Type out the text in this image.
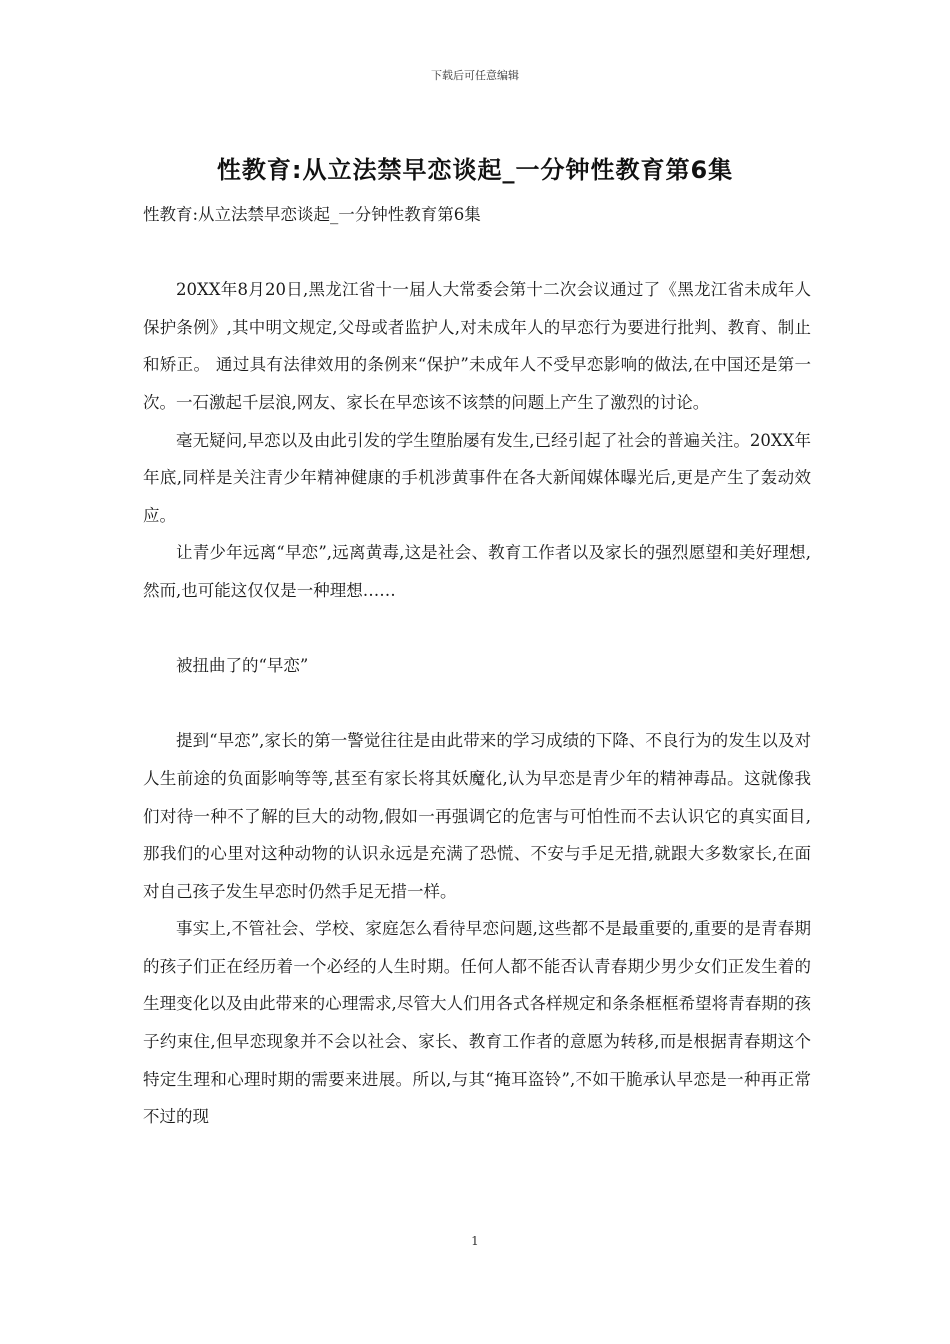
下载后可任意编辑
性教育:从立法禁早恋谈起_一分钟性教育第6集

性教育:从立法禁早恋谈起_一分钟性教育第6集

20XX年8月20日,黑龙江省十一届人大常委会第十二次会议通过了《黑龙江省未成年人保护条例》,其中明文规定,父母或者监护人,对未成年人的早恋行为要进行批判、教育、制止和矫正。 通过具有法律效用的条例来“保护”未成年人不受早恋影响的做法,在中国还是第一次。一石激起千层浪,网友、家长在早恋该不该禁的问题上产生了激烈的讨论。

毫无疑问,早恋以及由此引发的学生堕胎屡有发生,已经引起了社会的普遍关注。20XX年年底,同样是关注青少年精神健康的手机涉黄事件在各大新闻媒体曝光后,更是产生了轰动效应。

让青少年远离“早恋”,远离黄毒,这是社会、教育工作者以及家长的强烈愿望和美好理想,然而,也可能这仅仅是一种理想……

被扭曲了的“早恋”

提到“早恋”,家长的第一警觉往往是由此带来的学习成绩的下降、不良行为的发生以及对人生前途的负面影响等等,甚至有家长将其妖魔化,认为早恋是青少年的精神毒品。这就像我们对待一种不了解的巨大的动物,假如一再强调它的危害与可怕性而不去认识它的真实面目,那我们的心里对这种动物的认识永远是充满了恐慌、不安与手足无措,就跟大多数家长,在面对自己孩子发生早恋时仍然手足无措一样。

事实上,不管社会、学校、家庭怎么看待早恋问题,这些都不是最重要的,重要的是青春期的孩子们正在经历着一个必经的人生时期。任何人都不能否认青春期少男少女们正发生着的生理变化以及由此带来的心理需求,尽管大人们用各式各样规定和条条框框希望将青春期的孩子约束住,但早恋现象并不会以社会、家长、教育工作者的意愿为转移,而是根据青春期这个特定生理和心理时期的需要来进展。所以,与其“掩耳盗铃”,不如干脆承认早恋是一种再正常不过的现

1
